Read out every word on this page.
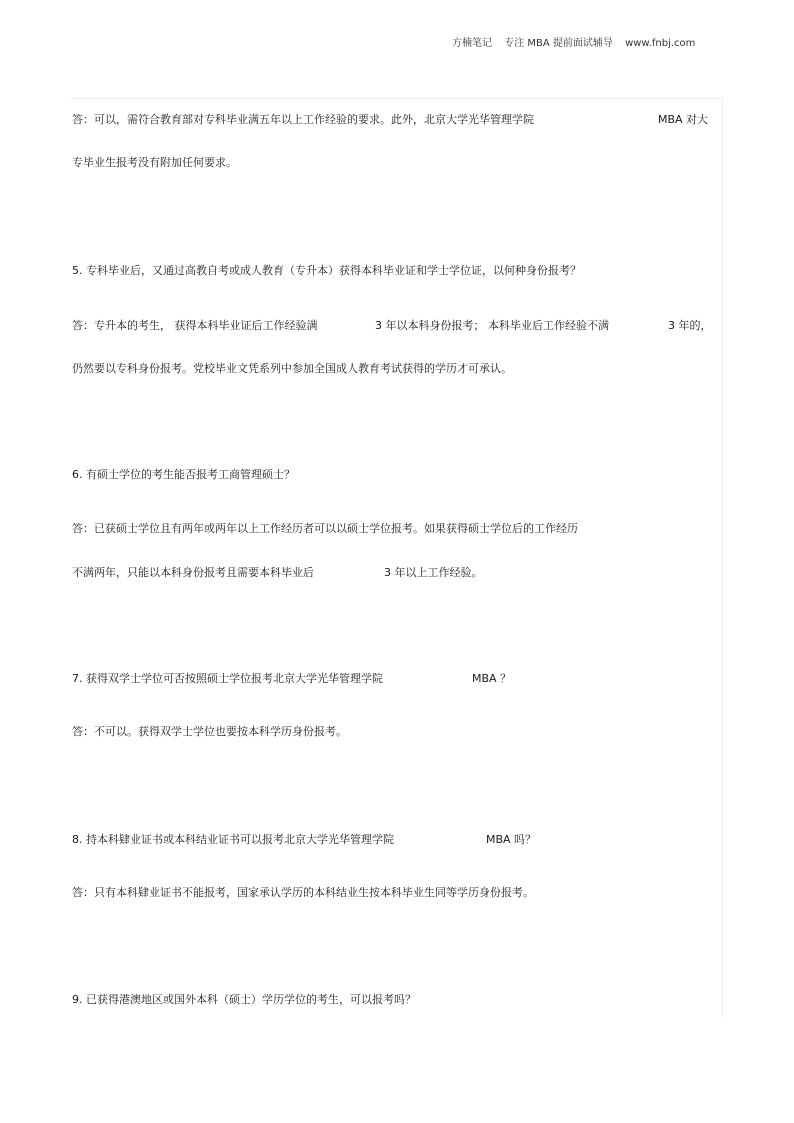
方楠笔记 专注 MBA 提前面试辅导 www.fnbj.com
答：可以，需符合教育部对专科毕业满五年以上工作经验的要求。此外，北京大学光华管理学院	MBA 对大
专毕业生报考没有附加任何要求。
5. 专科毕业后，又通过高教自考或成人教育（专升本）获得本科毕业证和学士学位证，以何种身份报考？
答：专升本的考生， 获得本科毕业证后工作经验满	3 年以本科身份报考； 本科毕业后工作经验不满	3 年的，
仍然要以专科身份报考。党校毕业文凭系列中参加全国成人教育考试获得的学历才可承认。
6. 有硕士学位的考生能否报考工商管理硕士？
答：已获硕士学位且有两年或两年以上工作经历者可以以硕士学位报考。如果获得硕士学位后的工作经历
不满两年，只能以本科身份报考且需要本科毕业后	3 年以上工作经验。
7. 获得双学士学位可否按照硕士学位报考北京大学光华管理学院	MBA ？
答：不可以。获得双学士学位也要按本科学历身份报考。
8. 持本科肄业证书或本科结业证书可以报考北京大学光华管理学院	MBA 吗？
答：只有本科肄业证书不能报考，国家承认学历的本科结业生按本科毕业生同等学历身份报考。
9. 已获得港澳地区或国外本科（硕士）学历学位的考生，可以报考吗？
